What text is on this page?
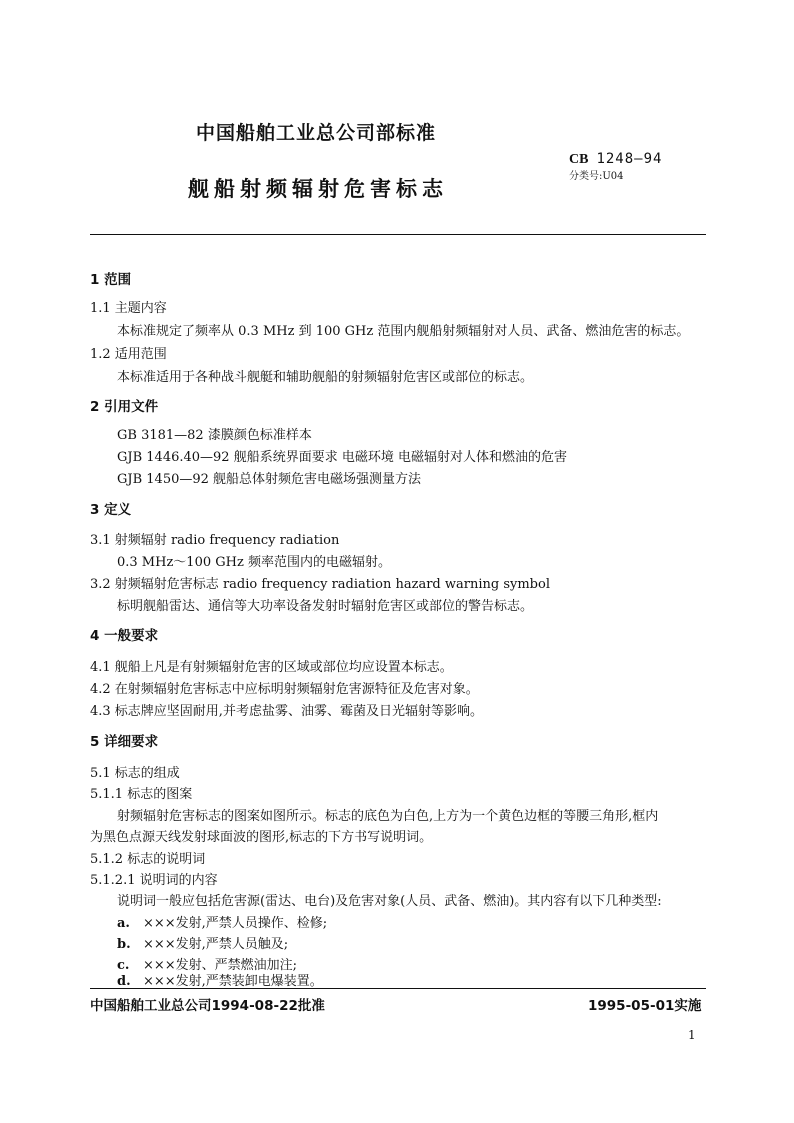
中国船舶工业总公司部标准
舰船射频辐射危害标志
CB 1248—94
分类号:U04
1 范围
1.1 主题内容
本标准规定了频率从 0.3 MHz 到 100 GHz 范围内舰船射频辐射对人员、武备、燃油危害的标志。
1.2 适用范围
本标准适用于各种战斗舰艇和辅助舰船的射频辐射危害区或部位的标志。
2 引用文件
GB 3181—82 漆膜颜色标准样本
GJB 1446.40—92 舰船系统界面要求 电磁环境 电磁辐射对人体和燃油的危害
GJB 1450—92 舰船总体射频危害电磁场强测量方法
3 定义
3.1 射频辐射 radio frequency radiation
0.3 MHz～100 GHz 频率范围内的电磁辐射。
3.2 射频辐射危害标志 radio frequency radiation hazard warning symbol
标明舰船雷达、通信等大功率设备发射时辐射危害区或部位的警告标志。
4 一般要求
4.1 舰船上凡是有射频辐射危害的区域或部位均应设置本标志。
4.2 在射频辐射危害标志中应标明射频辐射危害源特征及危害对象。
4.3 标志牌应坚固耐用,并考虑盐雾、油雾、霉菌及日光辐射等影响。
5 详细要求
5.1 标志的组成
5.1.1 标志的图案
射频辐射危害标志的图案如图所示。标志的底色为白色,上方为一个黄色边框的等腰三角形,框内
为黑色点源天线发射球面波的图形,标志的下方书写说明词。
5.1.2 标志的说明词
5.1.2.1 说明词的内容
说明词一般应包括危害源(雷达、电台)及危害对象(人员、武备、燃油)。其内容有以下几种类型:
a. ×××发射,严禁人员操作、检修;
b. ×××发射,严禁人员触及;
c. ×××发射、严禁燃油加注;
d. ×××发射,严禁装卸电爆装置。
中国船舶工业总公司1994-08-22批准	1995-05-01实施
1
